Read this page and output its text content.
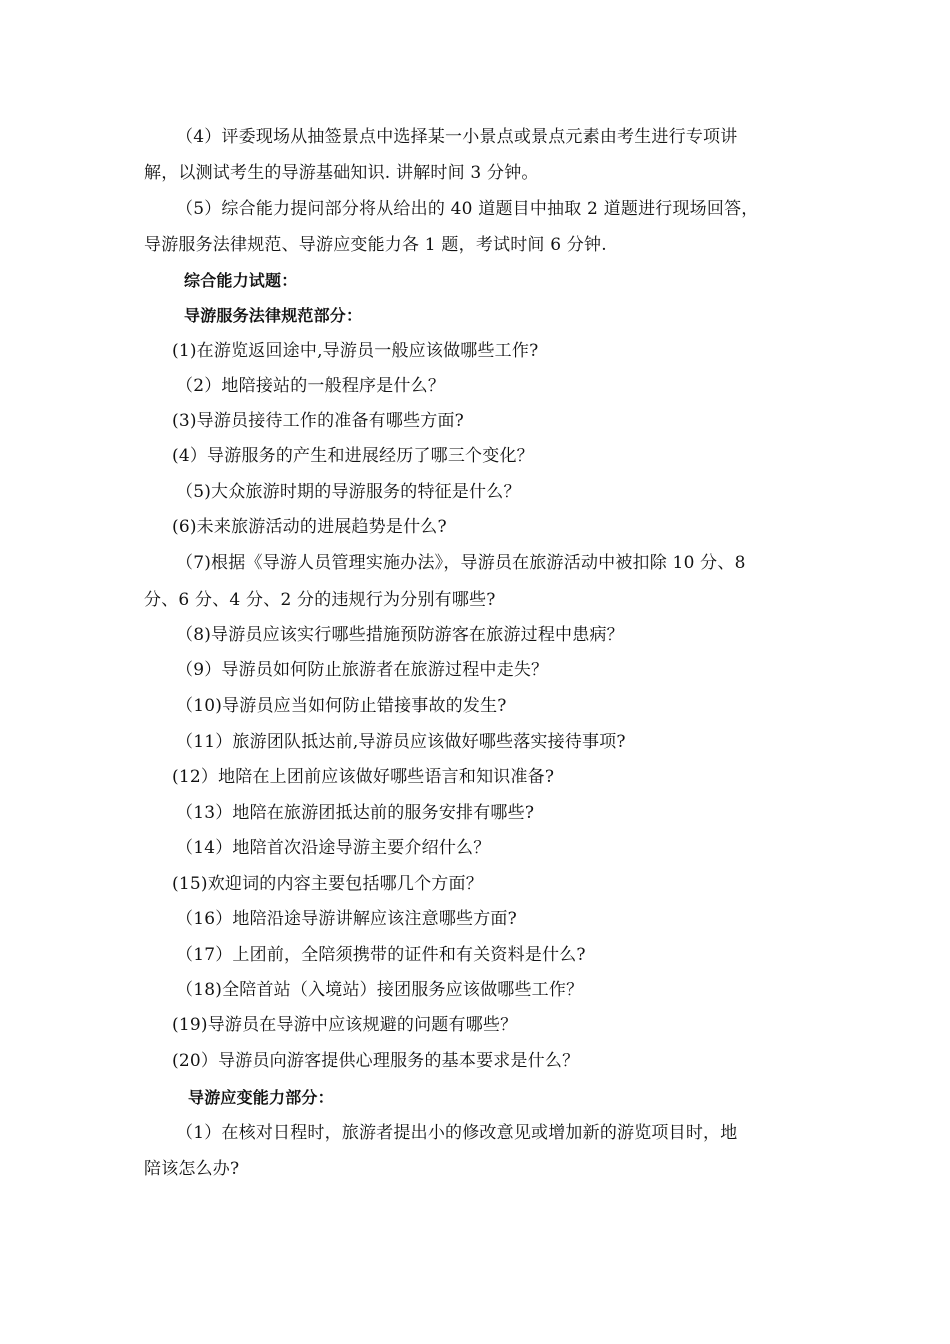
（4）评委现场从抽签景点中选择某一小景点或景点元素由考生进行专项讲
解，以测试考生的导游基础知识. 讲解时间 3 分钟。
（5）综合能力提问部分将从给出的 40 道题目中抽取 2 道题进行现场回答，
导游服务法律规范、导游应变能力各 1 题，考试时间 6 分钟.
综合能力试题：
导游服务法律规范部分：
(1)在游览返回途中,导游员一般应该做哪些工作?
（2）地陪接站的一般程序是什么？
(3)导游员接待工作的准备有哪些方面?
(4）导游服务的产生和进展经历了哪三个变化？
（5)大众旅游时期的导游服务的特征是什么？
(6)未来旅游活动的进展趋势是什么?
（7)根据《导游人员管理实施办法》，导游员在旅游活动中被扣除 10 分、8
分、6 分、4 分、2 分的违规行为分别有哪些?
（8)导游员应该实行哪些措施预防游客在旅游过程中患病？
（9）导游员如何防止旅游者在旅游过程中走失？
（10)导游员应当如何防止错接事故的发生?
（11）旅游团队抵达前,导游员应该做好哪些落实接待事项?
(12）地陪在上团前应该做好哪些语言和知识准备?
（13）地陪在旅游团抵达前的服务安排有哪些?
（14）地陪首次沿途导游主要介绍什么？
(15)欢迎词的内容主要包括哪几个方面？
（16）地陪沿途导游讲解应该注意哪些方面?
（17）上团前，全陪须携带的证件和有关资料是什么?
（18)全陪首站（入境站）接团服务应该做哪些工作？
(19)导游员在导游中应该规避的问题有哪些？
(20）导游员向游客提供心理服务的基本要求是什么？
导游应变能力部分：
（1）在核对日程时，旅游者提出小的修改意见或增加新的游览项目时，地
陪该怎么办?
